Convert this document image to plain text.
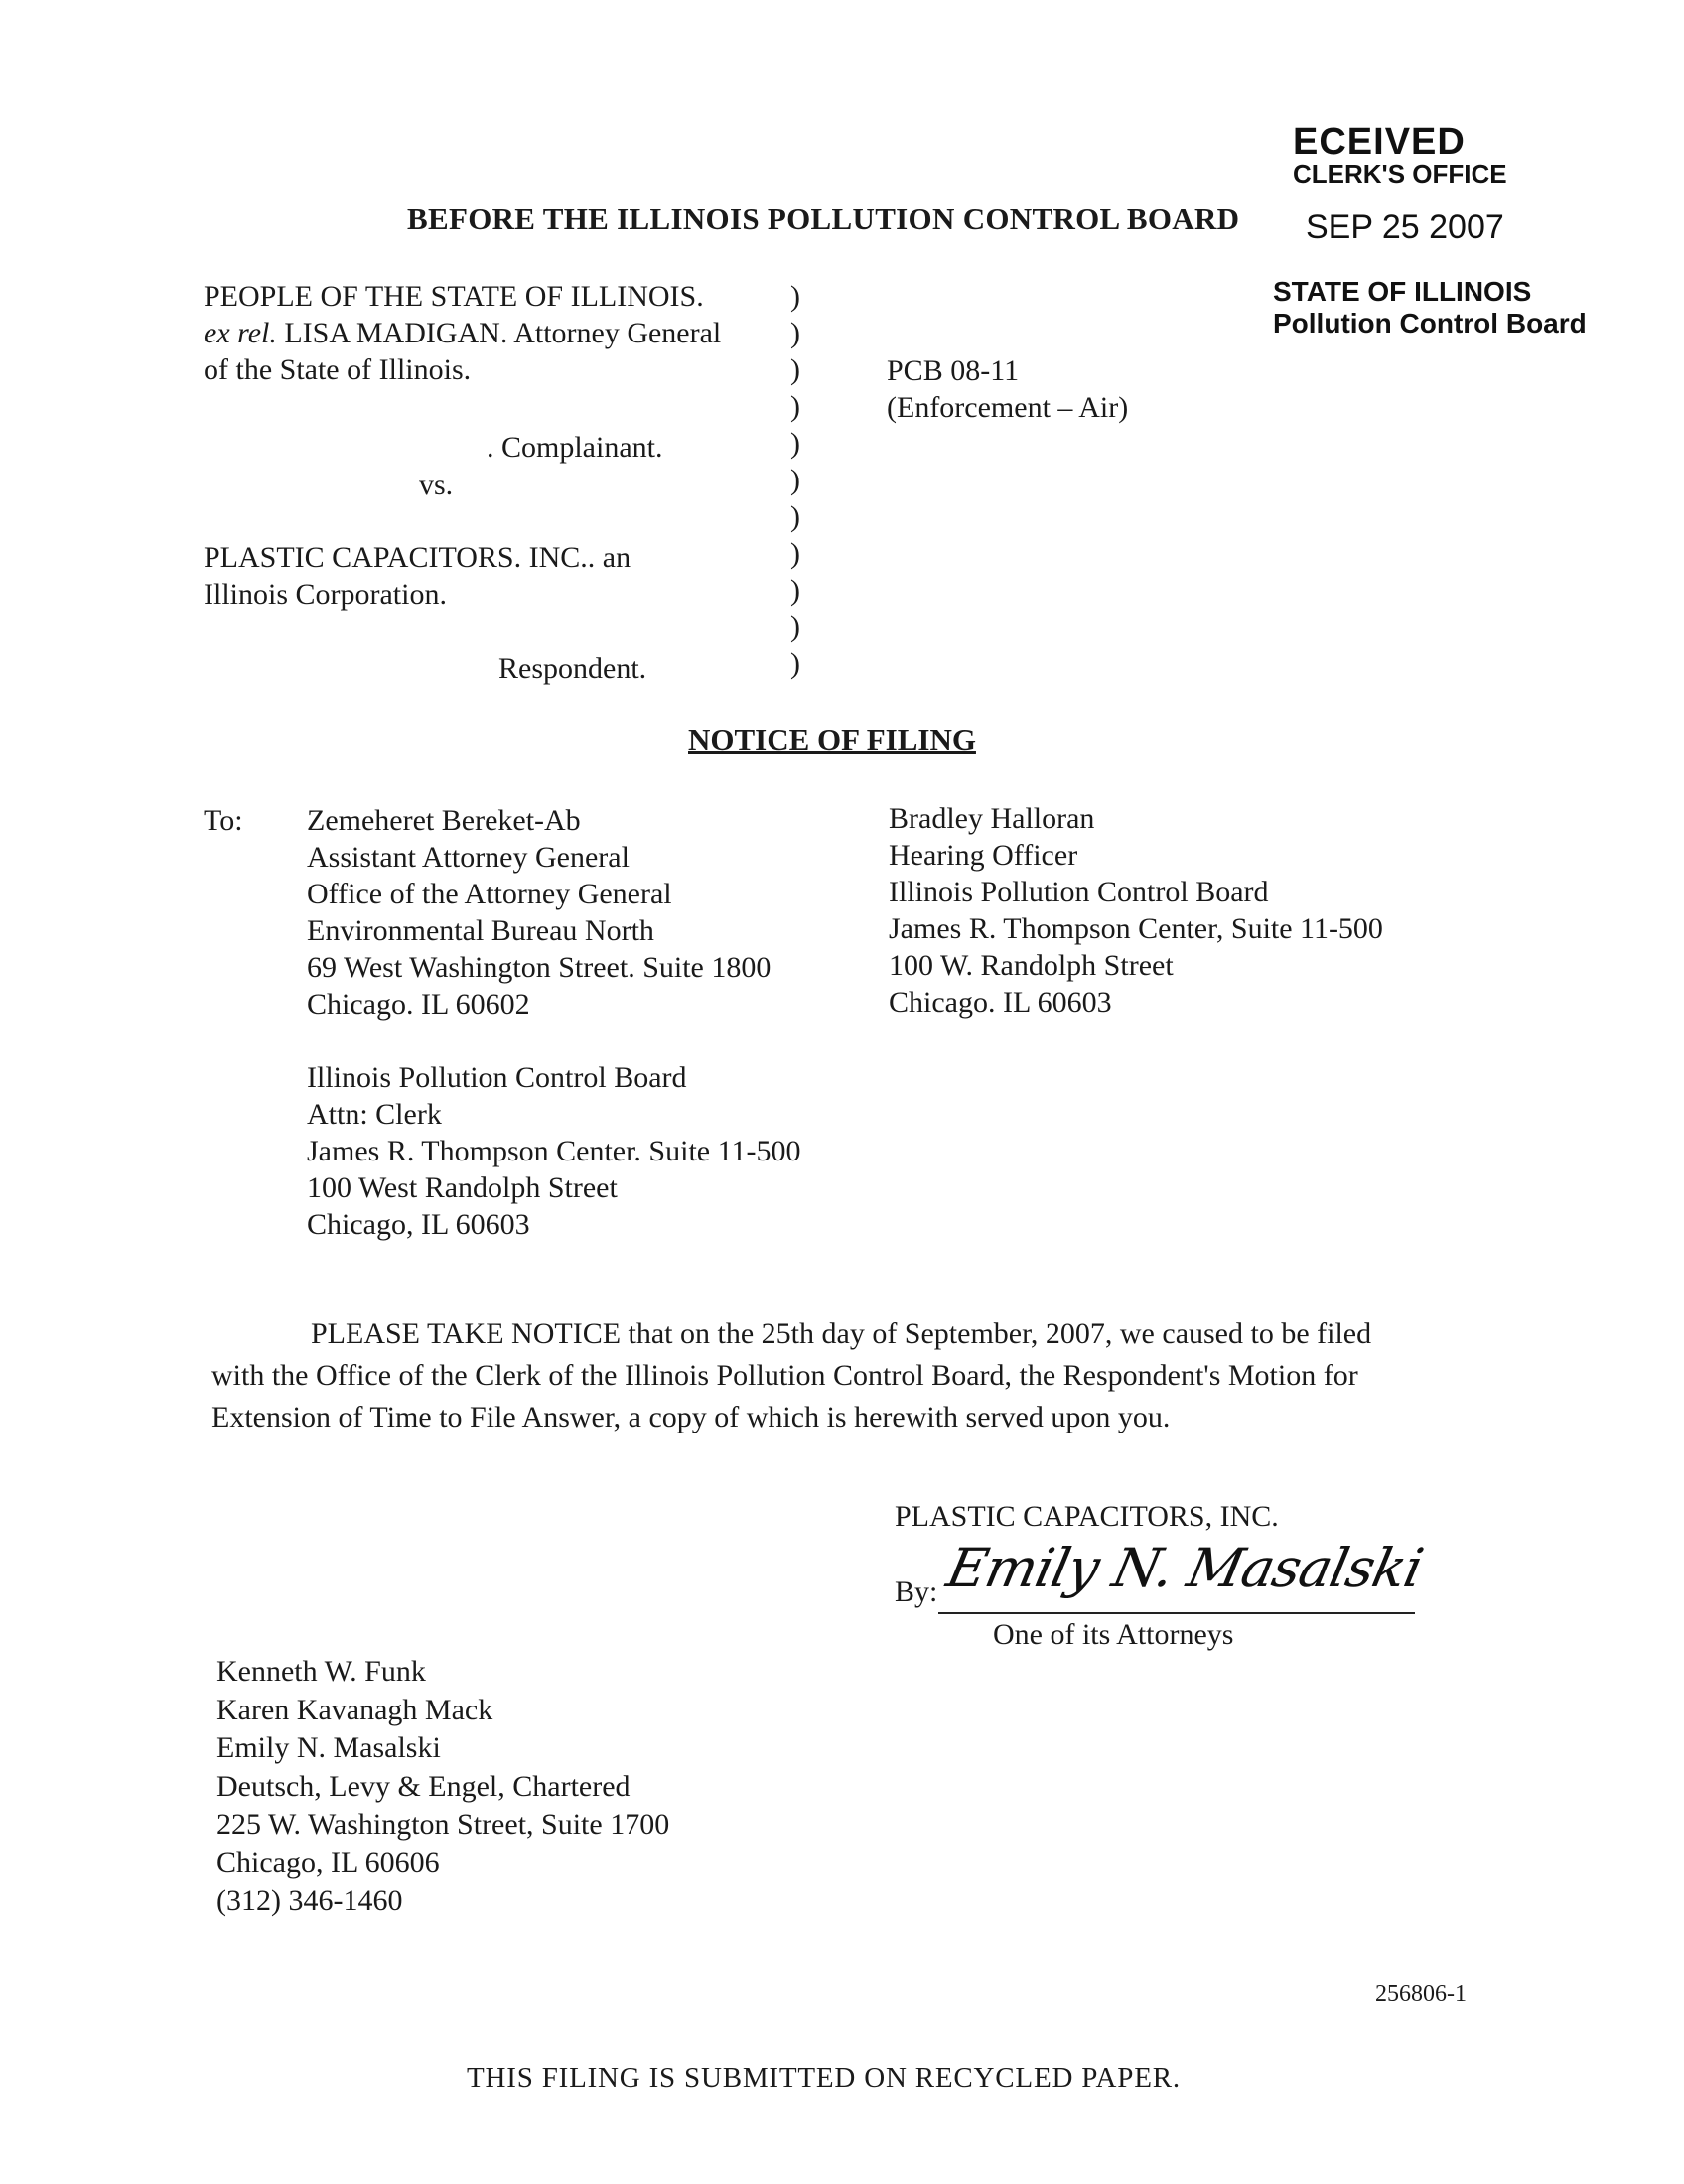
ECEIVED
CLERK'S OFFICE
SEP 25 2007
STATE OF ILLINOIS
Pollution Control Board
BEFORE THE ILLINOIS POLLUTION CONTROL BOARD
PEOPLE OF THE STATE OF ILLINOIS.
ex rel. LISA MADIGAN. Attorney General
of the State of Illinois.
. Complainant.
vs.
PLASTIC CAPACITORS. INC.. an
Illinois Corporation.
Respondent.
)
)
)
)
)
)
)
)
)
)
)
PCB 08-11
(Enforcement – Air)
NOTICE OF FILING
To: Zemeheret Bereket-Ab
Assistant Attorney General
Office of the Attorney General
Environmental Bureau North
69 West Washington Street. Suite 1800
Chicago. IL 60602
Bradley Halloran
Hearing Officer
Illinois Pollution Control Board
James R. Thompson Center, Suite 11-500
100 W. Randolph Street
Chicago. IL 60603
Illinois Pollution Control Board
Attn: Clerk
James R. Thompson Center. Suite 11-500
100 West Randolph Street
Chicago, IL 60603
PLEASE TAKE NOTICE that on the 25th day of September, 2007, we caused to be filed
with the Office of the Clerk of the Illinois Pollution Control Board, the Respondent's Motion for
Extension of Time to File Answer, a copy of which is herewith served upon you.
PLASTIC CAPACITORS, INC.
By: Emily N. Masalski
One of its Attorneys
Kenneth W. Funk
Karen Kavanagh Mack
Emily N. Masalski
Deutsch, Levy & Engel, Chartered
225 W. Washington Street, Suite 1700
Chicago, IL 60606
(312) 346-1460
256806-1
THIS FILING IS SUBMITTED ON RECYCLED PAPER.
